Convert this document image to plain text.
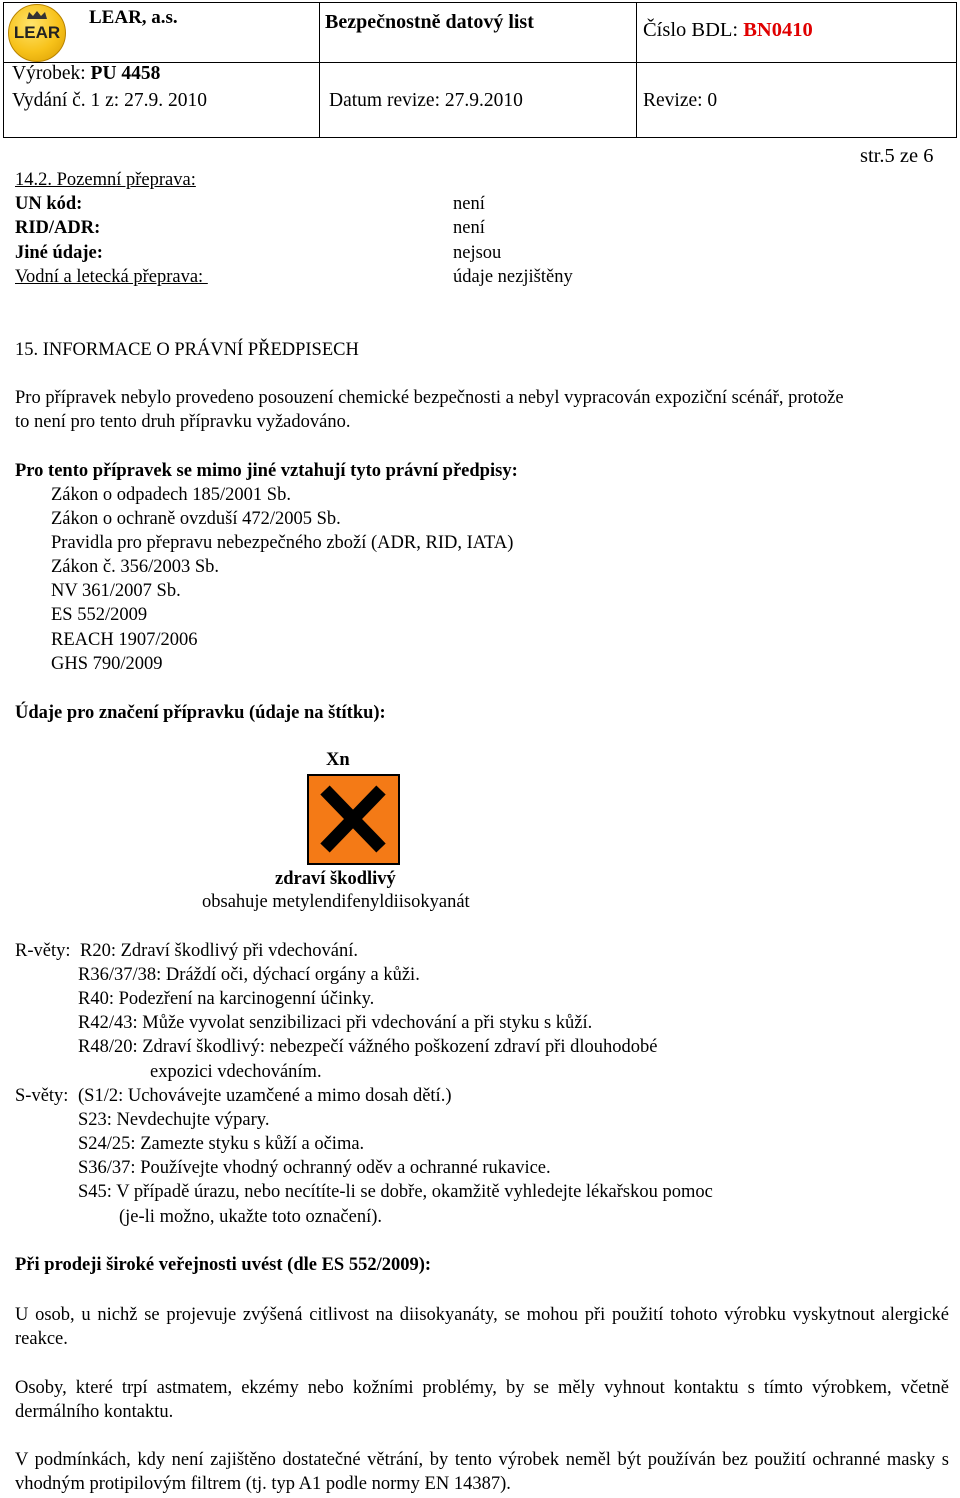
LEAR
LEAR, a.s.	Bezpečnostně datový list	Číslo BDL: BN0410
Výrobek: PU 4458
Vydání č. 1 z: 27.9. 2010	Datum revize: 27.9.2010	Revize: 0
str.5 ze 6
14.2. Pozemní přeprava:
UN kód:	není
RID/ADR:	není
Jiné údaje:	nejsou
Vodní a letecká přeprava:	údaje nezjištěny
15. INFORMACE O PRÁVNÍ PŘEDPISECH
Pro přípravek nebylo provedeno posouzení chemické bezpečnosti a nebyl vypracován expoziční scénář, protože
to není pro tento druh přípravku vyžadováno.
Pro tento přípravek se mimo jiné vztahují tyto právní předpisy:
Zákon o odpadech 185/2001 Sb.
Zákon o ochraně ovzduší 472/2005 Sb.
Pravidla pro přepravu nebezpečného zboží (ADR, RID, IATA)
Zákon č. 356/2003 Sb.
NV 361/2007 Sb.
ES 552/2009
REACH 1907/2006
GHS 790/2009
Údaje pro značení přípravku (údaje na štítku):
Xn
zdraví škodlivý
obsahuje metylendifenyldiisokyanát
R-věty: R20: Zdraví škodlivý při vdechování.
R36/37/38: Dráždí oči, dýchací orgány a kůži.
R40: Podezření na karcinogenní účinky.
R42/43: Může vyvolat senzibilizaci při vdechování a při styku s kůží.
R48/20: Zdraví škodlivý: nebezpečí vážného poškození zdraví při dlouhodobé
expozici vdechováním.
S-věty: (S1/2: Uchovávejte uzamčené a mimo dosah dětí.)
S23: Nevdechujte výpary.
S24/25: Zamezte styku s kůží a očima.
S36/37: Používejte vhodný ochranný oděv a ochranné rukavice.
S45: V případě úrazu, nebo necítíte-li se dobře, okamžitě vyhledejte lékařskou pomoc
(je-li možno, ukažte toto označení).
Při prodeji široké veřejnosti uvést (dle ES 552/2009):
U osob, u nichž se projevuje zvýšená citlivost na diisokyanáty, se mohou při použití tohoto výrobku vyskytnout alergické reakce.
Osoby, které trpí astmatem, ekzémy nebo kožními problémy, by se měly vyhnout kontaktu s tímto výrobkem, včetně dermálního kontaktu.
V podmínkách, kdy není zajištěno dostatečné větrání, by tento výrobek neměl být používán bez použití ochranné masky s vhodným protipilovým filtrem (tj. typ A1 podle normy EN 14387).
